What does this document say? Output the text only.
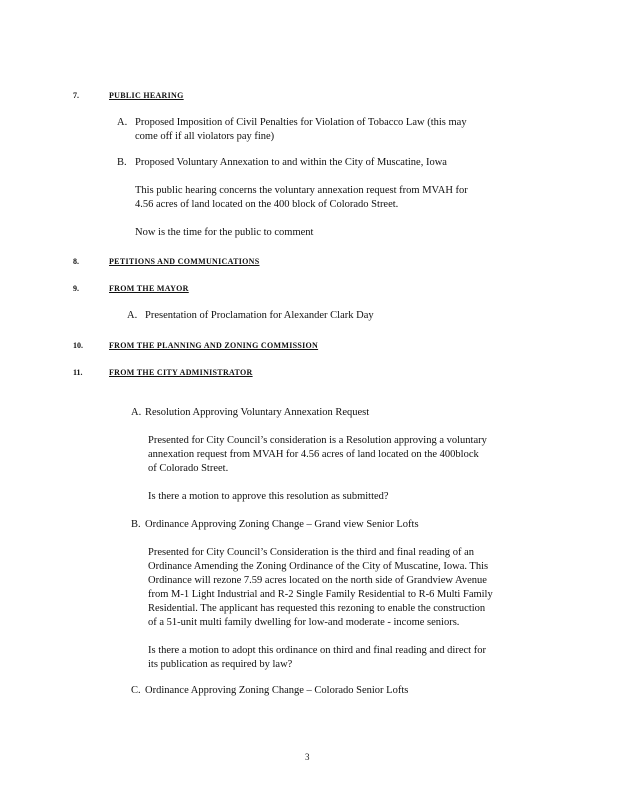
7.	PUBLIC HEARING
A. Proposed Imposition of Civil Penalties for Violation of Tobacco Law (this may
come off if all violators pay fine)
B. Proposed Voluntary Annexation to and within the City of Muscatine, Iowa
This public hearing concerns the voluntary annexation request from MVAH for
4.56 acres of land located on the 400 block of Colorado Street.
Now is the time for the public to comment
8.	PETITIONS AND COMMUNICATIONS
9.	FROM THE MAYOR
A. Presentation of Proclamation for Alexander Clark Day
10.	FROM THE PLANNING AND ZONING COMMISSION
11.	FROM THE CITY ADMINISTRATOR
A. Resolution Approving Voluntary Annexation Request
Presented for City Council’s consideration is a Resolution approving a voluntary
annexation request from MVAH for 4.56 acres of land located on the 400block
of Colorado Street.
Is there a motion to approve this resolution as submitted?
B. Ordinance Approving Zoning Change – Grand view Senior Lofts
Presented for City Council’s Consideration is the third and final reading of an
Ordinance Amending the Zoning Ordinance of the City of Muscatine, Iowa. This
Ordinance will rezone 7.59 acres located on the north side of Grandview Avenue
from M-1 Light Industrial and R-2 Single Family Residential to R-6 Multi Family
Residential. The applicant has requested this rezoning to enable the construction
of a 51-unit multi family dwelling for low-and moderate - income seniors.
Is there a motion to adopt this ordinance on third and final reading and direct for
its publication as required by law?
C. Ordinance Approving Zoning Change – Colorado Senior Lofts
3
